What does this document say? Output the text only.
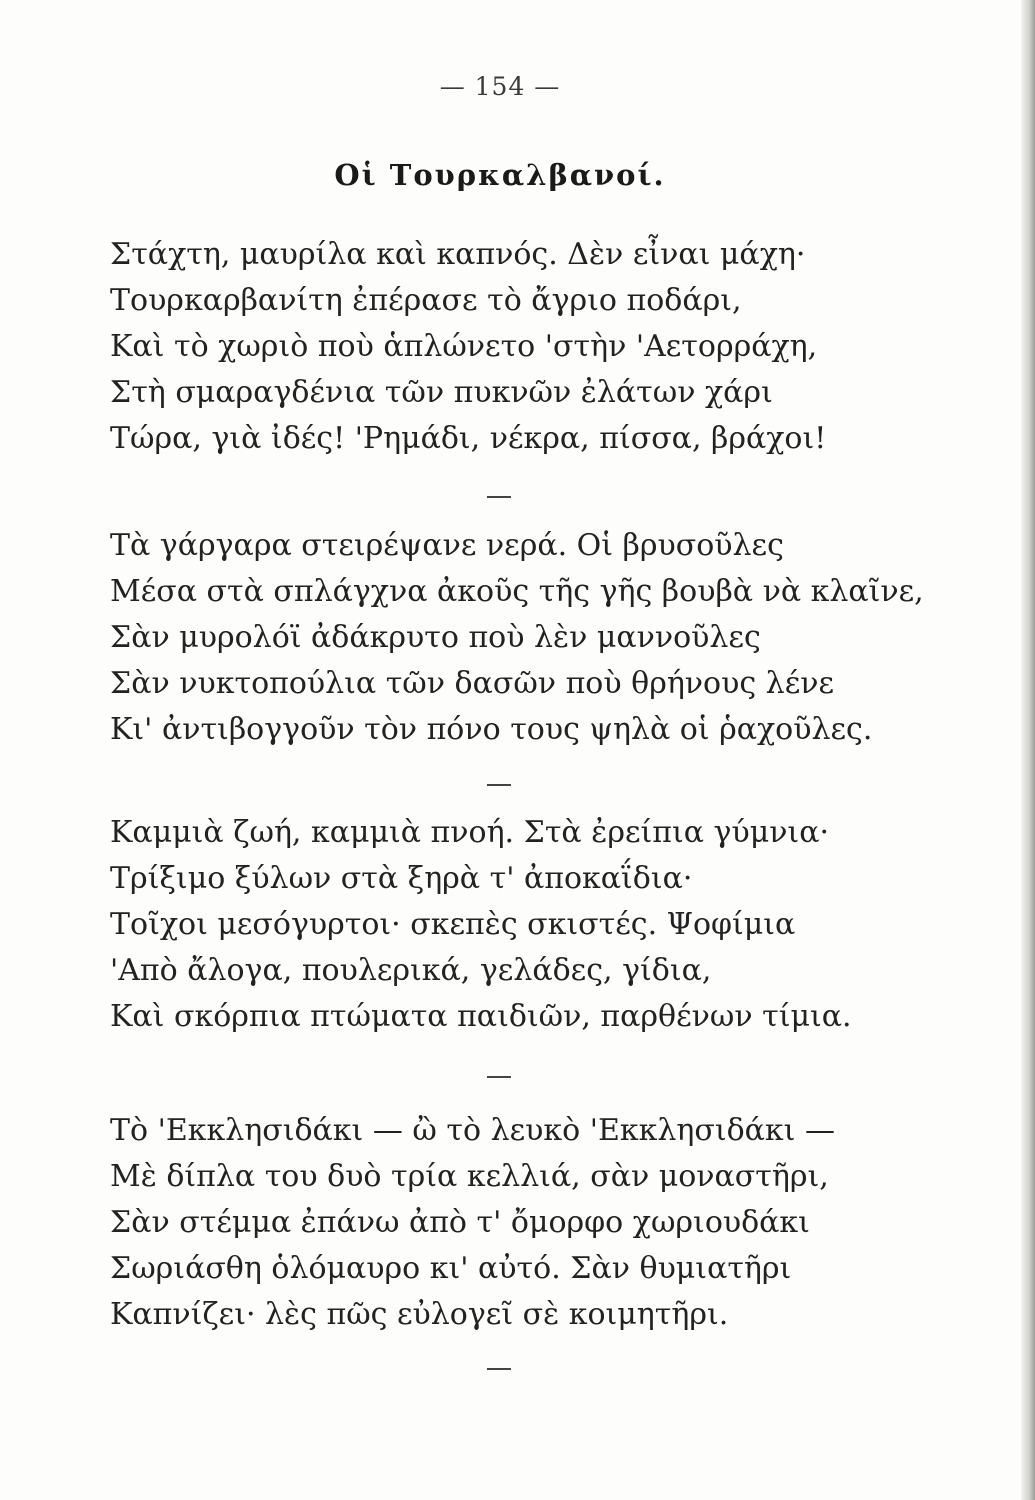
— 154 —
Οἱ Τουρκαλβανοί.
Στάχτη, μαυρίλα καὶ καπνός. Δὲν εἶναι μάχη·
Τουρκαρβανίτη ἐπέρασε τὸ ἄγριο ποδάρι,
Καὶ τὸ χωριὸ ποὺ ἁπλώνετο 'στὴν 'Αετορράχη,
Στὴ σμαραγδένια τῶν πυκνῶν ἐλάτων χάρι
Τώρα, γιὰ ἰδές! 'Ρημάδι, νέκρα, πίσσα, βράχοι!
Τὰ γάργαρα στειρέψανε νερά. Οἱ βρυσοῦλες
Μέσα στὰ σπλάγχνα ἀκοῦς τῆς γῆς βουβὰ νὰ κλαῖνε,
Σὰν μυρολόϊ ἀδάκρυτο ποὺ λὲν μαννοῦλες
Σὰν νυκτοπούλια τῶν δασῶν ποὺ θρήνους λένε
Κι' ἀντιβογγοῦν τὸν πόνο τους ψηλὰ οἱ ῥαχοῦλες.
Καμμιὰ ζωή, καμμιὰ πνοή. Στὰ ἐρείπια γύμνια·
Τρίξιμο ξύλων στὰ ξηρὰ τ' ἀποκαΐδια·
Τοῖχοι μεσόγυρτοι· σκεπὲς σκιστές. Ψοφίμια
'Απὸ ἄλογα, πουλερικά, γελάδες, γίδια,
Καὶ σκόρπια πτώματα παιδιῶν, παρθένων τίμια.
Τὸ 'Εκκλησιδάκι — ὢ τὸ λευκὸ 'Εκκλησιδάκι —
Μὲ δίπλα του δυὸ τρία κελλιά, σὰν μοναστῆρι,
Σὰν στέμμα ἐπάνω ἀπὸ τ' ὄμορφο χωριουδάκι
Σωριάσθη ὁλόμαυρο κι' αὐτό. Σὰν θυμιατῆρι
Καπνίζει· λὲς πῶς εὐλογεῖ σὲ κοιμητῆρι.
